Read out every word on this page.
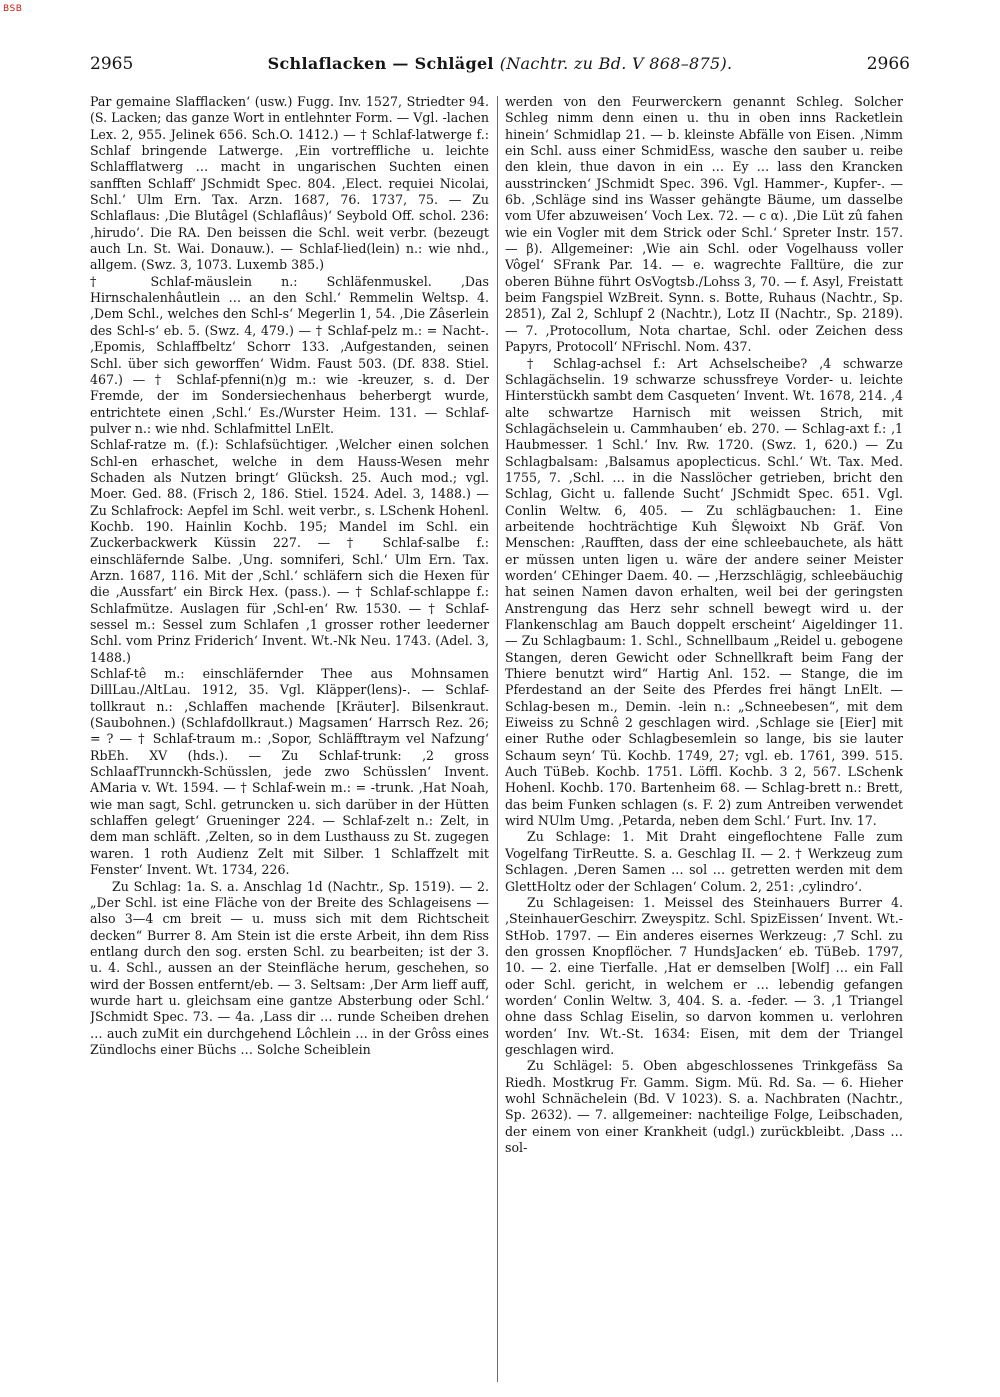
BSB
2965	Schlaflacken — Schlägel (Nachtr. zu Bd. V 868–875).	2966

Par gemaine Slafflacken‘ (usw.) Fugg. Inv. 1527, Striedter 94. (S. Lacken; das ganze Wort in entlehnter Form. — Vgl. -lachen Lex. 2, 955. Jelinek 656. Sch.O. 1412.) — † Schlaf-latwerge f.: Schlaf bringende Latwerge. ‚Ein vortreffliche u. leichte Schlafflatwerg … macht in ungarischen Suchten einen sanfften Schlaff‘ JSchmidt Spec. 804. ‚Elect. requiei Nicolai, Schl.‘ Ulm Ern. Tax. Arzn. 1687, 76. 1737, 75. — Zu Schlaflaus: ‚Die Blutâgel (Schlaflâus)‘ Seybold Off. schol. 236: ‚hirudo‘. Die RA. Den beissen die Schl. weit verbr. (bezeugt auch Ln. St. Wai. Donauw.). — Schlaf-lied(lein) n.: wie nhd., allgem. (Swz. 3, 1073. Luxemb 385.)

† Schlaf-mäuslein n.: Schläfenmuskel. ‚Das Hirnschalenhâutlein … an den Schl.‘ Remmelin Weltsp. 4. ‚Dem Schl., welches den Schl-s‘ Megerlin 1, 54. ‚Die Zâserlein des Schl-s‘ eb. 5. (Swz. 4, 479.) — † Schlaf-pelz m.: = Nacht-. ‚Epomis, Schlaffbeltz‘ Schorr 133. ‚Aufgestanden, seinen Schl. über sich geworffen‘ Widm. Faust 503. (Df. 838. Stiel. 467.) — † Schlaf-pfenni(n)g m.: wie -kreuzer, s. d. Der Fremde, der im Sondersiechenhaus beherbergt wurde, entrichtete einen ‚Schl.‘ Es./Wurster Heim. 131. — Schlaf-pulver n.: wie nhd. Schlafmittel LnElt.

Schlaf-ratze m. (f.): Schlafsüchtiger. ‚Welcher einen solchen Schl-en erhaschet, welche in dem Hauss-Wesen mehr Schaden als Nutzen bringt‘ Glücksh. 25. Auch mod.; vgl. Moer. Ged. 88. (Frisch 2, 186. Stiel. 1524. Adel. 3, 1488.) — Zu Schlafrock: Aepfel im Schl. weit verbr., s. LSchenk Hohenl. Kochb. 190. Hainlin Kochb. 195; Mandel im Schl. ein Zuckerbackwerk Küssin 227. — † Schlaf-salbe f.: einschläfernde Salbe. ‚Ung. somniferi, Schl.‘ Ulm Ern. Tax. Arzn. 1687, 116. Mit der ‚Schl.‘ schläfern sich die Hexen für die ‚Aussfart‘ ein Birck Hex. (pass.). — † Schlaf-schlappe f.: Schlafmütze. Auslagen für ‚Schl-en‘ Rw. 1530. — † Schlaf-sessel m.: Sessel zum Schlafen ‚1 grosser rother leederner Schl. vom Prinz Friderich‘ Invent. Wt.-Nk Neu. 1743. (Adel. 3, 1488.)

Schlaf-tê m.: einschläfernder Thee aus Mohnsamen DillLau./AltLau. 1912, 35. Vgl. Kläpper(lens)-. — Schlaf-tollkraut n.: ‚Schlaffen machende [Kräuter]. Bilsenkraut. (Saubohnen.) (Schlafdollkraut.) Magsamen‘ Harrsch Rez. 26; = ? — † Schlaf-traum m.: ‚Sopor, Schläfftraym vel Nafzung‘ RbEh. XV (hds.). — Zu Schlaf-trunk: ‚2 gross SchlaafTrunnckh-Schüsslen, jede zwo Schüsslen‘ Invent. AMaria v. Wt. 1594. — † Schlaf-wein m.: = -trunk. ‚Hat Noah, wie man sagt, Schl. getruncken u. sich darüber in der Hütten schlaffen gelegt‘ Grueninger 224. — Schlaf-zelt n.: Zelt, in dem man schläft. ‚Zelten, so in dem Lusthauss zu St. zugegen waren. 1 roth Audienz Zelt mit Silber. 1 Schlaffzelt mit Fenster‘ Invent. Wt. 1734, 226.

Zu Schlag: 1a. S. a. Anschlag 1d (Nachtr., Sp. 1519). — 2. „Der Schl. ist eine Fläche von der Breite des Schlageisens — also 3—4 cm breit — u. muss sich mit dem Richtscheit decken“ Burrer 8. Am Stein ist die erste Arbeit, ihn dem Riss entlang durch den sog. ersten Schl. zu bearbeiten; ist der 3. u. 4. Schl., aussen an der Steinfläche herum, geschehen, so wird der Bossen entfernt/eb. — 3. Seltsam: ‚Der Arm lieff auff, wurde hart u. gleichsam eine gantze Absterbung oder Schl.‘ JSchmidt Spec. 73. — 4a. ‚Lass dir … runde Scheiben drehen … auch zuMit ein durchgehend Lôchlein … in der Grôss eines Zündlochs einer Büchs … Solche Scheiblein

werden von den Feurwerckern genannt Schleg. Solcher Schleg nimm denn einen u. thu in oben inns Racketlein hinein‘ Schmidlap 21. — b. kleinste Abfälle von Eisen. ‚Nimm ein Schl. auss einer SchmidEss, wasche den sauber u. reibe den klein, thue davon in ein … Ey … lass den Krancken ausstrincken‘ JSchmidt Spec. 396. Vgl. Hammer-, Kupfer-. — 6b. ‚Schläge sind ins Wasser gehängte Bäume, um dasselbe vom Ufer abzuweisen‘ Voch Lex. 72. — c α). ‚Die Lüt zû fahen wie ein Vogler mit dem Strick oder Schl.‘ Spreter Instr. 157. — β). Allgemeiner: ‚Wie ain Schl. oder Vogelhauss voller Vôgel‘ SFrank Par. 14. — e. wagrechte Falltüre, die zur oberen Bühne führt OsVogtsb./Lohss 3, 70. — f. Asyl, Freistatt beim Fangspiel WzBreit. Synn. s. Botte, Ruhaus (Nachtr., Sp. 2851), Zal 2, Schlupf 2 (Nachtr.), Lotz II (Nachtr., Sp. 2189). — 7. ‚Protocollum, Nota chartae, Schl. oder Zeichen dess Papyrs, Protocoll‘ NFrischl. Nom. 437.

† Schlag-achsel f.: Art Achselscheibe? ‚4 schwarze Schlagächselin. 19 schwarze schussfreye Vorder- u. leichte Hinterstückh sambt dem Casqueten‘ Invent. Wt. 1678, 214. ‚4 alte schwartze Harnisch mit weissen Strich, mit Schlagächselein u. Cammhauben‘ eb. 270. — Schlag-axt f.: ‚1 Haubmesser. 1 Schl.‘ Inv. Rw. 1720. (Swz. 1, 620.) — Zu Schlagbalsam: ‚Balsamus apoplecticus. Schl.‘ Wt. Tax. Med. 1755, 7. ‚Schl. … in die Nasslöcher getrieben, bricht den Schlag, Gicht u. fallende Sucht‘ JSchmidt Spec. 651. Vgl. Conlin Weltw. 6, 405. — Zu schlägbauchen: 1. Eine arbeitende hochträchtige Kuh Šlęwoixt Nb Gräf. Von Menschen: ‚Raufften, dass der eine schleebauchete, als hätt er müssen unten ligen u. wäre der andere seiner Meister worden‘ CEhinger Daem. 40. — ‚Herzschlägig, schleebäuchig hat seinen Namen davon erhalten, weil bei der geringsten Anstrengung das Herz sehr schnell bewegt wird u. der Flankenschlag am Bauch doppelt erscheint‘ Aigeldinger 11. — Zu Schlagbaum: 1. Schl., Schnellbaum „Reidel u. gebogene Stangen, deren Gewicht oder Schnellkraft beim Fang der Thiere benutzt wird“ Hartig Anl. 152. — Stange, die im Pferdestand an der Seite des Pferdes frei hängt LnElt. — Schlag-besen m., Demin. -lein n.: „Schneebesen“, mit dem Eiweiss zu Schnê 2 geschlagen wird. ‚Schlage sie [Eier] mit einer Ruthe oder Schlagbesemlein so lange, bis sie lauter Schaum seyn‘ Tü. Kochb. 1749, 27; vgl. eb. 1761, 399. 515. Auch TüBeb. Kochb. 1751. Löffl. Kochb. 3 2, 567. LSchenk Hohenl. Kochb. 170. Bartenheim 68. — Schlag-brett n.: Brett, das beim Funken schlagen (s. F. 2) zum Antreiben verwendet wird NUlm Umg. ‚Petarda, neben dem Schl.‘ Furt. Inv. 17.

Zu Schlage: 1. Mit Draht eingeflochtene Falle zum Vogelfang TirReutte. S. a. Geschlag II. — 2. † Werkzeug zum Schlagen. ‚Deren Samen … sol … getretten werden mit dem GlettHoltz oder der Schlagen‘ Colum. 2, 251: ‚cylindro‘.

Zu Schlageisen: 1. Meissel des Steinhauers Burrer 4. ‚SteinhauerGeschirr. Zweyspitz. Schl. SpizEissen‘ Invent. Wt.-StHob. 1797. — Ein anderes eisernes Werkzeug: ‚7 Schl. zu den grossen Knopflöcher. 7 HundsJacken‘ eb. TüBeb. 1797, 10. — 2. eine Tierfalle. ‚Hat er demselben [Wolf] … ein Fall oder Schl. gericht, in welchem er … lebendig gefangen worden‘ Conlin Weltw. 3, 404. S. a. -feder. — 3. ‚1 Triangel ohne dass Schlag Eiselin, so darvon kommen u. verlohren worden‘ Inv. Wt.-St. 1634: Eisen, mit dem der Triangel geschlagen wird.

Zu Schlägel: 5. Oben abgeschlossenes Trinkgefäss Sa Riedh. Mostkrug Fr. Gamm. Sigm. Mü. Rd. Sa. — 6. Hieher wohl Schnächelein (Bd. V 1023). S. a. Nachbraten (Nachtr., Sp. 2632). — 7. allgemeiner: nachteilige Folge, Leibschaden, der einem von einer Krankheit (udgl.) zurückbleibt. ‚Dass … sol-
